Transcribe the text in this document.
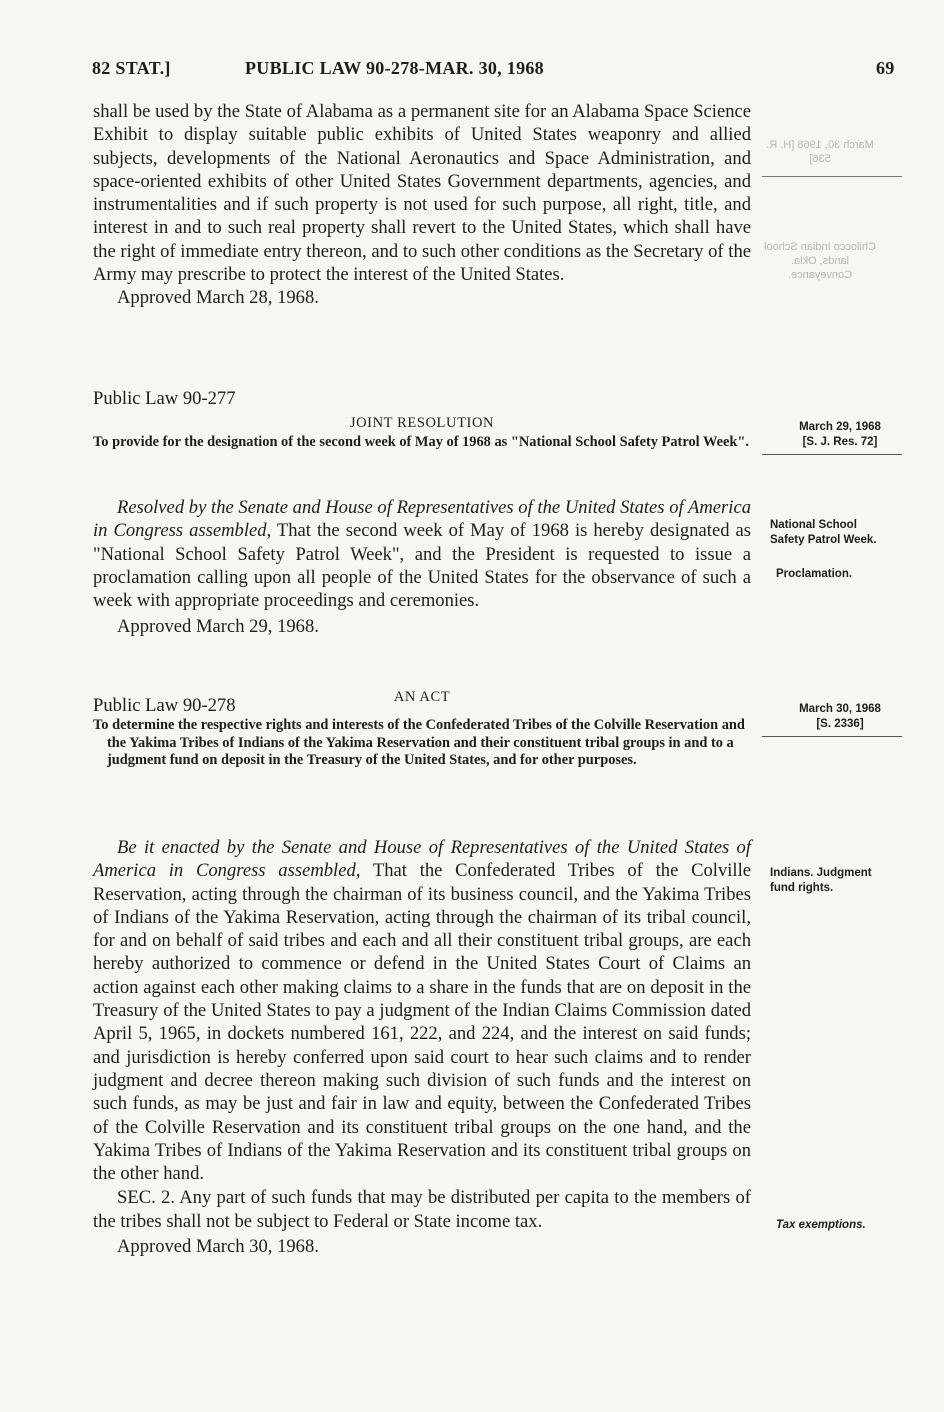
82 STAT.]	PUBLIC LAW 90-278-MAR. 30, 1968	69
March 30, 1968 [H. R. 536]
Chilocco Indian School lands, Okla. Conveyance.

shall be used by the State of Alabama as a permanent site for an Alabama Space Science Exhibit to display suitable public exhibits of United States weaponry and allied subjects, developments of the National Aeronautics and Space Administration, and space-oriented exhibits of other United States Government departments, agencies, and instrumentalities and if such property is not used for such purpose, all right, title, and interest in and to such real property shall revert to the United States, which shall have the right of immediate entry thereon, and to such other conditions as the Secretary of the Army may prescribe to protect the interest of the United States.

Approved March 28, 1968.

Public Law 90-277
JOINT RESOLUTION

To provide for the designation of the second week of May of 1968 as "National School Safety Patrol Week".

Resolved by the Senate and House of Representatives of the United States of America in Congress assembled, That the second week of May of 1968 is hereby designated as "National School Safety Patrol Week", and the President is requested to issue a proclamation calling upon all people of the United States for the observance of such a week with appropriate proceedings and ceremonies.

Approved March 29, 1968.

March 29, 1968
[S. J. Res. 72]
National School Safety Patrol Week.
Proclamation.
Public Law 90-278	AN ACT

To determine the respective rights and interests of the Confederated Tribes of the Colville Reservation and the Yakima Tribes of Indians of the Yakima Reservation and their constituent tribal groups in and to a judgment fund on deposit in the Treasury of the United States, and for other purposes.

Be it enacted by the Senate and House of Representatives of the United States of America in Congress assembled, That the Confederated Tribes of the Colville Reservation, acting through the chairman of its business council, and the Yakima Tribes of Indians of the Yakima Reservation, acting through the chairman of its tribal council, for and on behalf of said tribes and each and all their constituent tribal groups, are each hereby authorized to commence or defend in the United States Court of Claims an action against each other making claims to a share in the funds that are on deposit in the Treasury of the United States to pay a judgment of the Indian Claims Commission dated April 5, 1965, in dockets numbered 161, 222, and 224, and the interest on said funds; and jurisdiction is hereby conferred upon said court to hear such claims and to render judgment and decree thereon making such division of such funds and the interest on such funds, as may be just and fair in law and equity, between the Confederated Tribes of the Colville Reservation and its constituent tribal groups on the one hand, and the Yakima Tribes of Indians of the Yakima Reservation and its constituent tribal groups on the other hand.

SEC. 2. Any part of such funds that may be distributed per capita to the members of the tribes shall not be subject to Federal or State income tax.

Approved March 30, 1968.

March 30, 1968
[S. 2336]
Indians. Judgment fund rights.
Tax exemptions.
